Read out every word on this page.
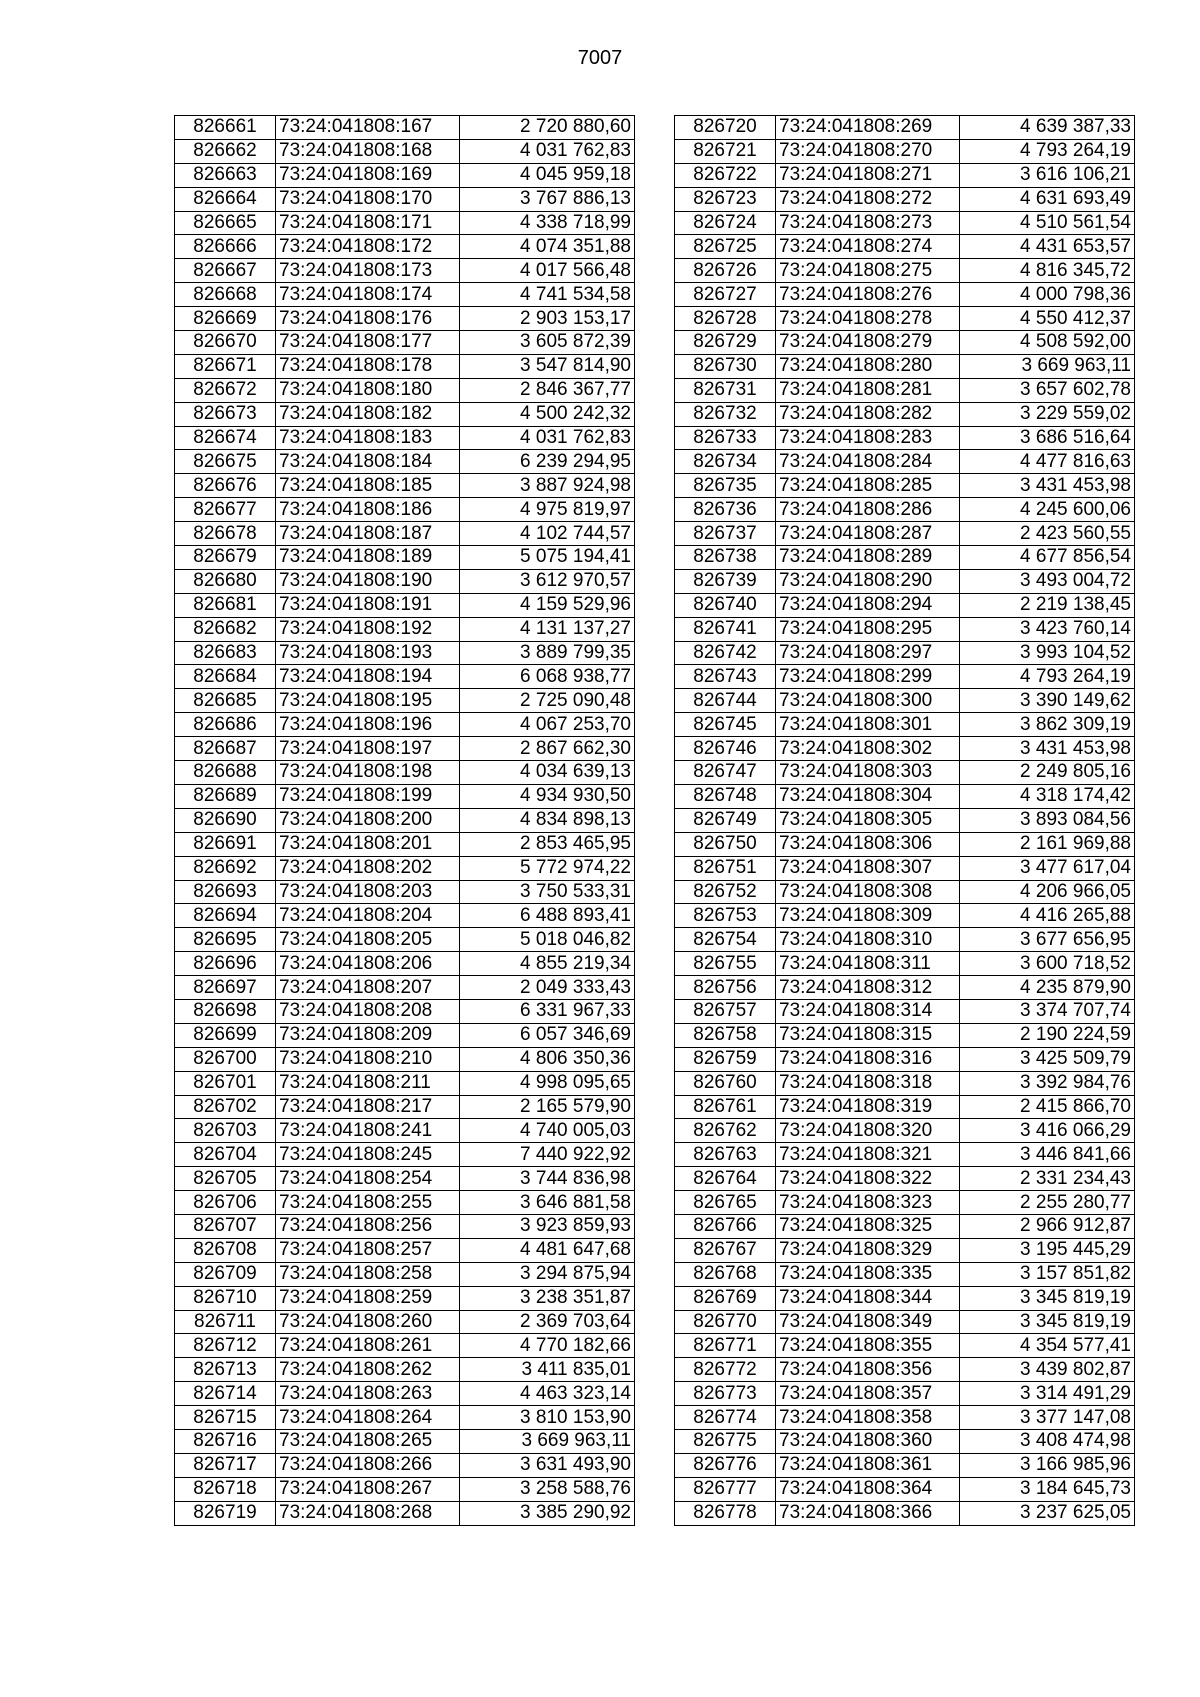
7007
826661	73:24:041808:167	2 720 880,60
826662	73:24:041808:168	4 031 762,83
826663	73:24:041808:169	4 045 959,18
826664	73:24:041808:170	3 767 886,13
826665	73:24:041808:171	4 338 718,99
826666	73:24:041808:172	4 074 351,88
826667	73:24:041808:173	4 017 566,48
826668	73:24:041808:174	4 741 534,58
826669	73:24:041808:176	2 903 153,17
826670	73:24:041808:177	3 605 872,39
826671	73:24:041808:178	3 547 814,90
826672	73:24:041808:180	2 846 367,77
826673	73:24:041808:182	4 500 242,32
826674	73:24:041808:183	4 031 762,83
826675	73:24:041808:184	6 239 294,95
826676	73:24:041808:185	3 887 924,98
826677	73:24:041808:186	4 975 819,97
826678	73:24:041808:187	4 102 744,57
826679	73:24:041808:189	5 075 194,41
826680	73:24:041808:190	3 612 970,57
826681	73:24:041808:191	4 159 529,96
826682	73:24:041808:192	4 131 137,27
826683	73:24:041808:193	3 889 799,35
826684	73:24:041808:194	6 068 938,77
826685	73:24:041808:195	2 725 090,48
826686	73:24:041808:196	4 067 253,70
826687	73:24:041808:197	2 867 662,30
826688	73:24:041808:198	4 034 639,13
826689	73:24:041808:199	4 934 930,50
826690	73:24:041808:200	4 834 898,13
826691	73:24:041808:201	2 853 465,95
826692	73:24:041808:202	5 772 974,22
826693	73:24:041808:203	3 750 533,31
826694	73:24:041808:204	6 488 893,41
826695	73:24:041808:205	5 018 046,82
826696	73:24:041808:206	4 855 219,34
826697	73:24:041808:207	2 049 333,43
826698	73:24:041808:208	6 331 967,33
826699	73:24:041808:209	6 057 346,69
826700	73:24:041808:210	4 806 350,36
826701	73:24:041808:211	4 998 095,65
826702	73:24:041808:217	2 165 579,90
826703	73:24:041808:241	4 740 005,03
826704	73:24:041808:245	7 440 922,92
826705	73:24:041808:254	3 744 836,98
826706	73:24:041808:255	3 646 881,58
826707	73:24:041808:256	3 923 859,93
826708	73:24:041808:257	4 481 647,68
826709	73:24:041808:258	3 294 875,94
826710	73:24:041808:259	3 238 351,87
826711	73:24:041808:260	2 369 703,64
826712	73:24:041808:261	4 770 182,66
826713	73:24:041808:262	3 411 835,01
826714	73:24:041808:263	4 463 323,14
826715	73:24:041808:264	3 810 153,90
826716	73:24:041808:265	3 669 963,11
826717	73:24:041808:266	3 631 493,90
826718	73:24:041808:267	3 258 588,76
826719	73:24:041808:268	3 385 290,92
826720	73:24:041808:269	4 639 387,33
826721	73:24:041808:270	4 793 264,19
826722	73:24:041808:271	3 616 106,21
826723	73:24:041808:272	4 631 693,49
826724	73:24:041808:273	4 510 561,54
826725	73:24:041808:274	4 431 653,57
826726	73:24:041808:275	4 816 345,72
826727	73:24:041808:276	4 000 798,36
826728	73:24:041808:278	4 550 412,37
826729	73:24:041808:279	4 508 592,00
826730	73:24:041808:280	3 669 963,11
826731	73:24:041808:281	3 657 602,78
826732	73:24:041808:282	3 229 559,02
826733	73:24:041808:283	3 686 516,64
826734	73:24:041808:284	4 477 816,63
826735	73:24:041808:285	3 431 453,98
826736	73:24:041808:286	4 245 600,06
826737	73:24:041808:287	2 423 560,55
826738	73:24:041808:289	4 677 856,54
826739	73:24:041808:290	3 493 004,72
826740	73:24:041808:294	2 219 138,45
826741	73:24:041808:295	3 423 760,14
826742	73:24:041808:297	3 993 104,52
826743	73:24:041808:299	4 793 264,19
826744	73:24:041808:300	3 390 149,62
826745	73:24:041808:301	3 862 309,19
826746	73:24:041808:302	3 431 453,98
826747	73:24:041808:303	2 249 805,16
826748	73:24:041808:304	4 318 174,42
826749	73:24:041808:305	3 893 084,56
826750	73:24:041808:306	2 161 969,88
826751	73:24:041808:307	3 477 617,04
826752	73:24:041808:308	4 206 966,05
826753	73:24:041808:309	4 416 265,88
826754	73:24:041808:310	3 677 656,95
826755	73:24:041808:311	3 600 718,52
826756	73:24:041808:312	4 235 879,90
826757	73:24:041808:314	3 374 707,74
826758	73:24:041808:315	2 190 224,59
826759	73:24:041808:316	3 425 509,79
826760	73:24:041808:318	3 392 984,76
826761	73:24:041808:319	2 415 866,70
826762	73:24:041808:320	3 416 066,29
826763	73:24:041808:321	3 446 841,66
826764	73:24:041808:322	2 331 234,43
826765	73:24:041808:323	2 255 280,77
826766	73:24:041808:325	2 966 912,87
826767	73:24:041808:329	3 195 445,29
826768	73:24:041808:335	3 157 851,82
826769	73:24:041808:344	3 345 819,19
826770	73:24:041808:349	3 345 819,19
826771	73:24:041808:355	4 354 577,41
826772	73:24:041808:356	3 439 802,87
826773	73:24:041808:357	3 314 491,29
826774	73:24:041808:358	3 377 147,08
826775	73:24:041808:360	3 408 474,98
826776	73:24:041808:361	3 166 985,96
826777	73:24:041808:364	3 184 645,73
826778	73:24:041808:366	3 237 625,05
